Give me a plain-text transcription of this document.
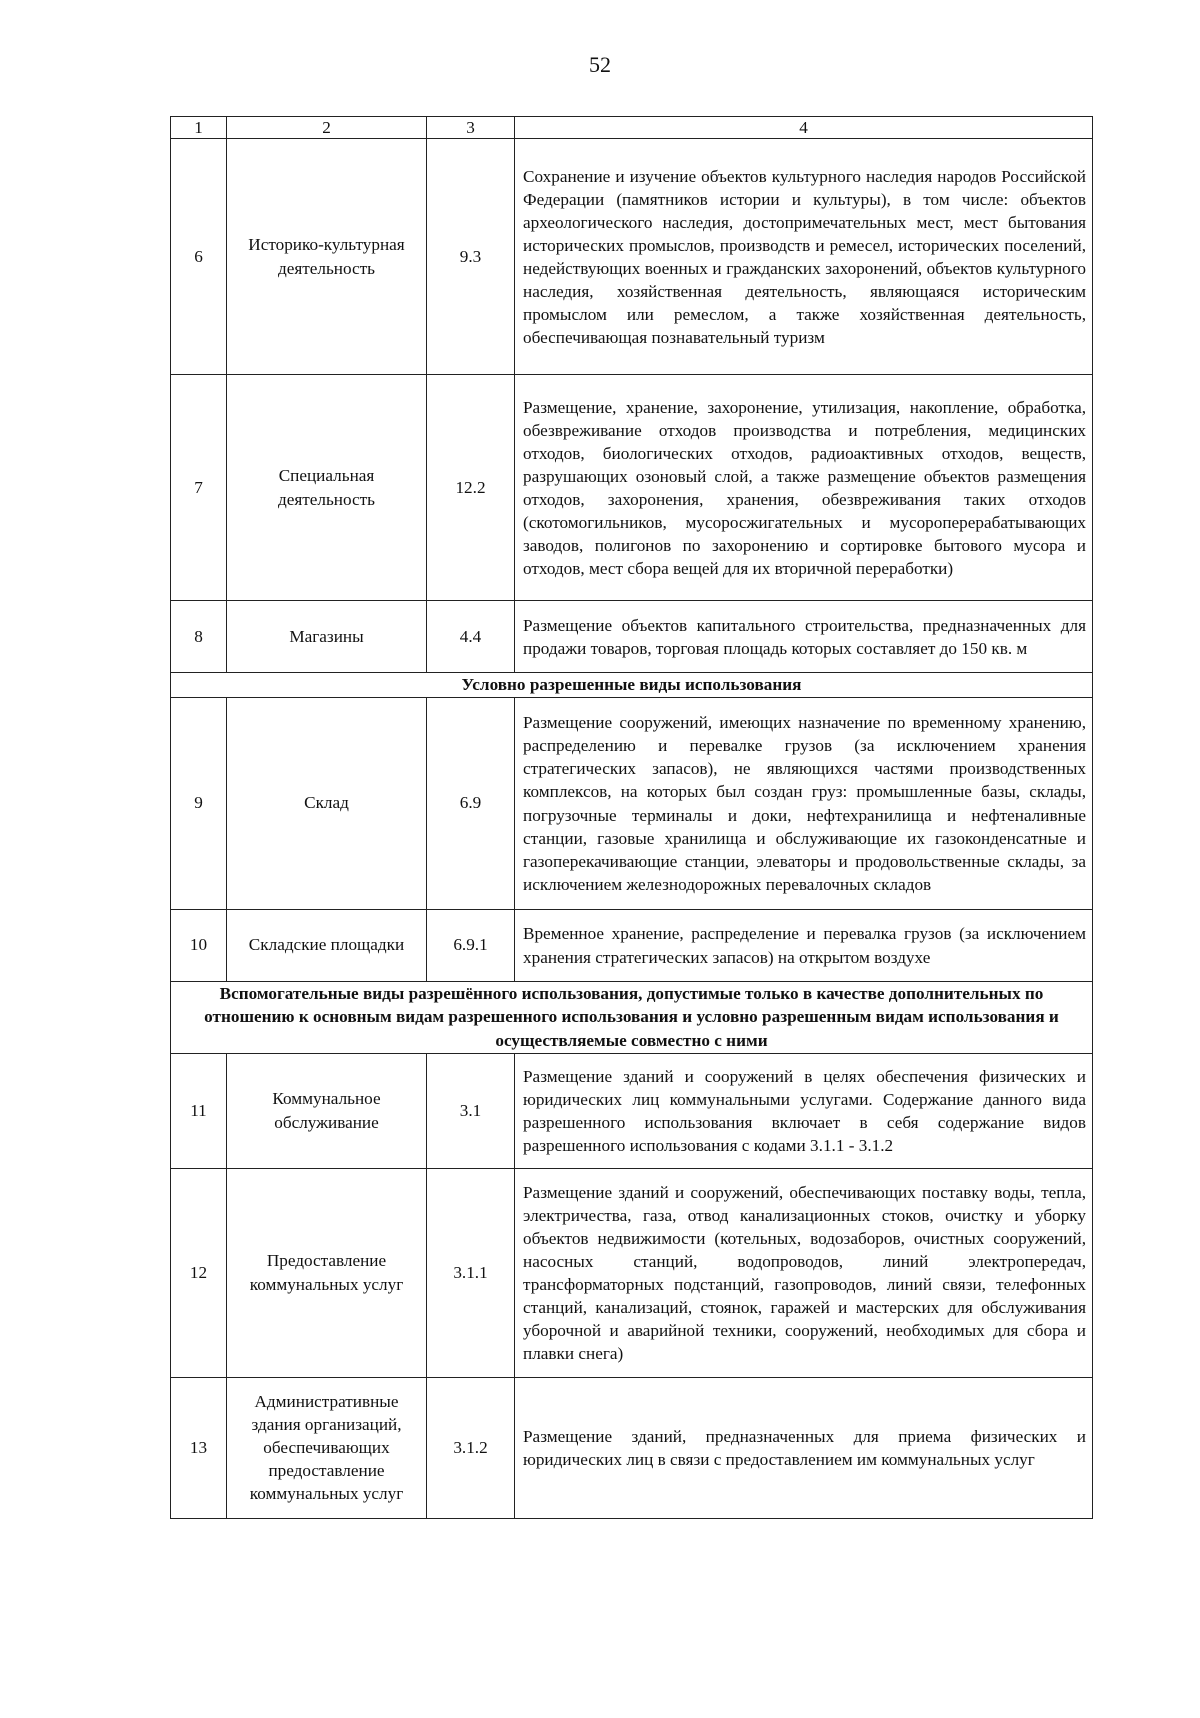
52
1	2	3	4
6	Историко-культурная деятельность	9.3	Сохранение и изучение объектов культурного наследия народов Российской Федерации (памятников истории и культуры), в том числе: объектов археологического наследия, достопримечательных мест, мест бытования исторических промыслов, производств и ремесел, исторических поселений, недействующих военных и гражданских захоронений, объектов культурного наследия, хозяйственная деятельность, являющаяся историческим промыслом или ремеслом, а также хозяйственная деятельность, обеспечивающая познавательный туризм
7	Специальная деятельность	12.2	Размещение, хранение, захоронение, утилизация, накопление, обработка, обезвреживание отходов производства и потребления, медицинских отходов, биологических отходов, радиоактивных отходов, веществ, разрушающих озоновый слой, а также размещение объектов размещения отходов, захоронения, хранения, обезвреживания таких отходов (скотомогильников, мусоросжигательных и мусороперерабатывающих заводов, полигонов по захоронению и сортировке бытового мусора и отходов, мест сбора вещей для их вторичной переработки)
8	Магазины	4.4	Размещение объектов капитального строительства, предназначенных для продажи товаров, торговая площадь которых составляет до 150 кв. м
Условно разрешенные виды использования			
9	Склад	6.9	Размещение сооружений, имеющих назначение по временному хранению, распределению и перевалке грузов (за исключением хранения стратегических запасов), не являющихся частями производственных комплексов, на которых был создан груз: промышленные базы, склады, погрузочные терминалы и доки, нефтехранилища и нефтеналивные станции, газовые хранилища и обслуживающие их газоконденсатные и газоперекачивающие станции, элеваторы и продовольственные склады, за исключением железнодорожных перевалочных складов
10	Складские площадки	6.9.1	Временное хранение, распределение и перевалка грузов (за исключением хранения стратегических запасов) на открытом воздухе
Вспомогательные виды разрешённого использования, допустимые только в качестве дополнительных по отношению к основным видам разрешенного использования и условно разрешенным видам использования и осуществляемые совместно с ними			
11	Коммунальное обслуживание	3.1	Размещение зданий и сооружений в целях обеспечения физических и юридических лиц коммунальными услугами. Содержание данного вида разрешенного использования включает в себя содержание видов разрешенного использования с кодами 3.1.1 - 3.1.2
12	Предоставление коммунальных услуг	3.1.1	Размещение зданий и сооружений, обеспечивающих поставку воды, тепла, электричества, газа, отвод канализационных стоков, очистку и уборку объектов недвижимости (котельных, водозаборов, очистных сооружений, насосных станций, водопроводов, линий электропередач, трансформаторных подстанций, газопроводов, линий связи, телефонных станций, канализаций, стоянок, гаражей и мастерских для обслуживания уборочной и аварийной техники, сооружений, необходимых для сбора и плавки снега)
13	Административные здания организаций, обеспечивающих предоставление коммунальных услуг	3.1.2	Размещение зданий, предназначенных для приема физических и юридических лиц в связи с предоставлением им коммунальных услуг
